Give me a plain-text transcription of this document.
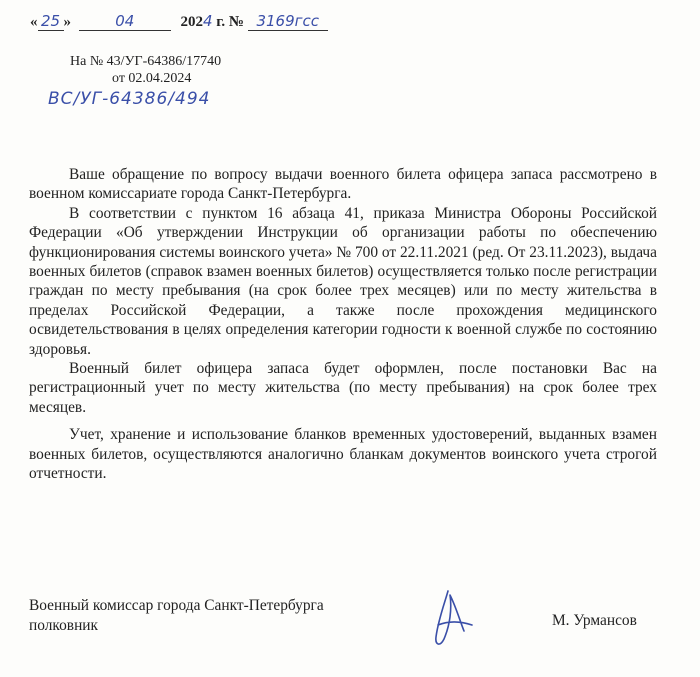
« 25 »	04	2024 г. № 3169гсс
На № 43/УГ-64386/17740
от 02.04.2024
ВС/УГ-64386/494

Ваше обращение по вопросу выдачи военного билета офицера запаса рассмотрено в военном комиссариате города Санкт-Петербурга.

В соответствии с пунктом 16 абзаца 41, приказа Министра Обороны Российской Федерации «Об утверждении Инструкции об организации работы по обеспечению функционирования системы воинского учета» № 700 от 22.11.2021 (ред. От 23.11.2023), выдача военных билетов (справок взамен военных билетов) осуществляется только после регистрации граждан по месту пребывания (на срок более трех месяцев) или по месту жительства в пределах Российской Федерации, а также после прохождения медицинского освидетельствования в целях определения категории годности к военной службе по состоянию здоровья.

Военный билет офицера запаса будет оформлен, после постановки Вас на регистрационный учет по месту жительства (по месту пребывания) на срок более трех месяцев.

Учет, хранение и использование бланков временных удостоверений, выданных взамен военных билетов, осуществляются аналогично бланкам документов воинского учета строгой отчетности.

Военный комиссар города Санкт-Петербурга
полковник	М. Урмансов
